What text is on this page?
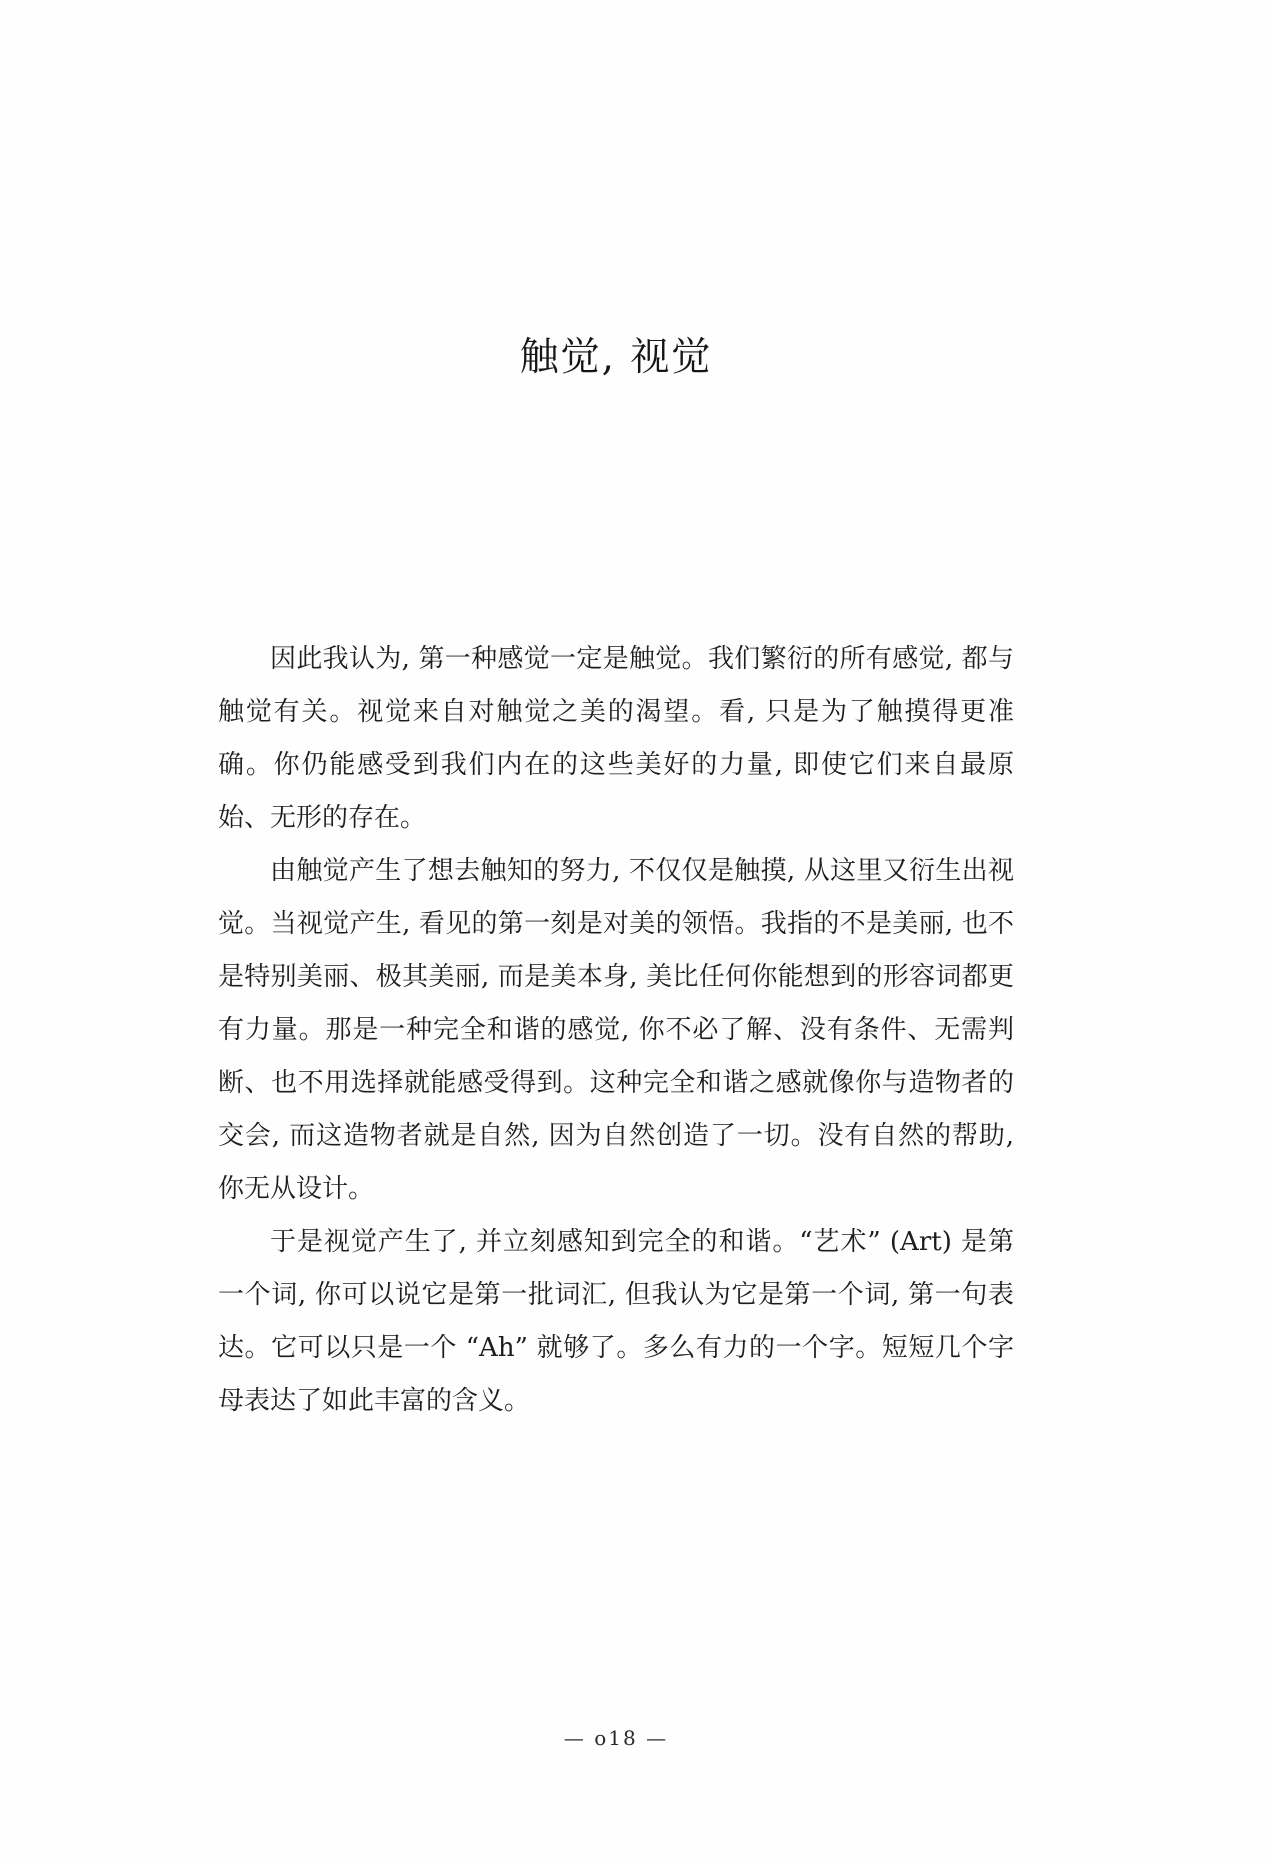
触觉, 视觉

因此我认为, 第一种感觉一定是触觉。我们繁衍的所有感觉, 都与触觉有关。视觉来自对触觉之美的渴望。看, 只是为了触摸得更准确。你仍能感受到我们内在的这些美好的力量, 即使它们来自最原始、无形的存在。

由触觉产生了想去触知的努力, 不仅仅是触摸, 从这里又衍生出视觉。当视觉产生, 看见的第一刻是对美的领悟。我指的不是美丽, 也不是特别美丽、极其美丽, 而是美本身, 美比任何你能想到的形容词都更有力量。那是一种完全和谐的感觉, 你不必了解、没有条件、无需判断、也不用选择就能感受得到。这种完全和谐之感就像你与造物者的交会, 而这造物者就是自然, 因为自然创造了一切。没有自然的帮助, 你无从设计。

于是视觉产生了, 并立刻感知到完全的和谐。“艺术” (Art) 是第一个词, 你可以说它是第一批词汇, 但我认为它是第一个词, 第一句表达。它可以只是一个 “Ah” 就够了。多么有力的一个字。短短几个字母表达了如此丰富的含义。

— o18 —
